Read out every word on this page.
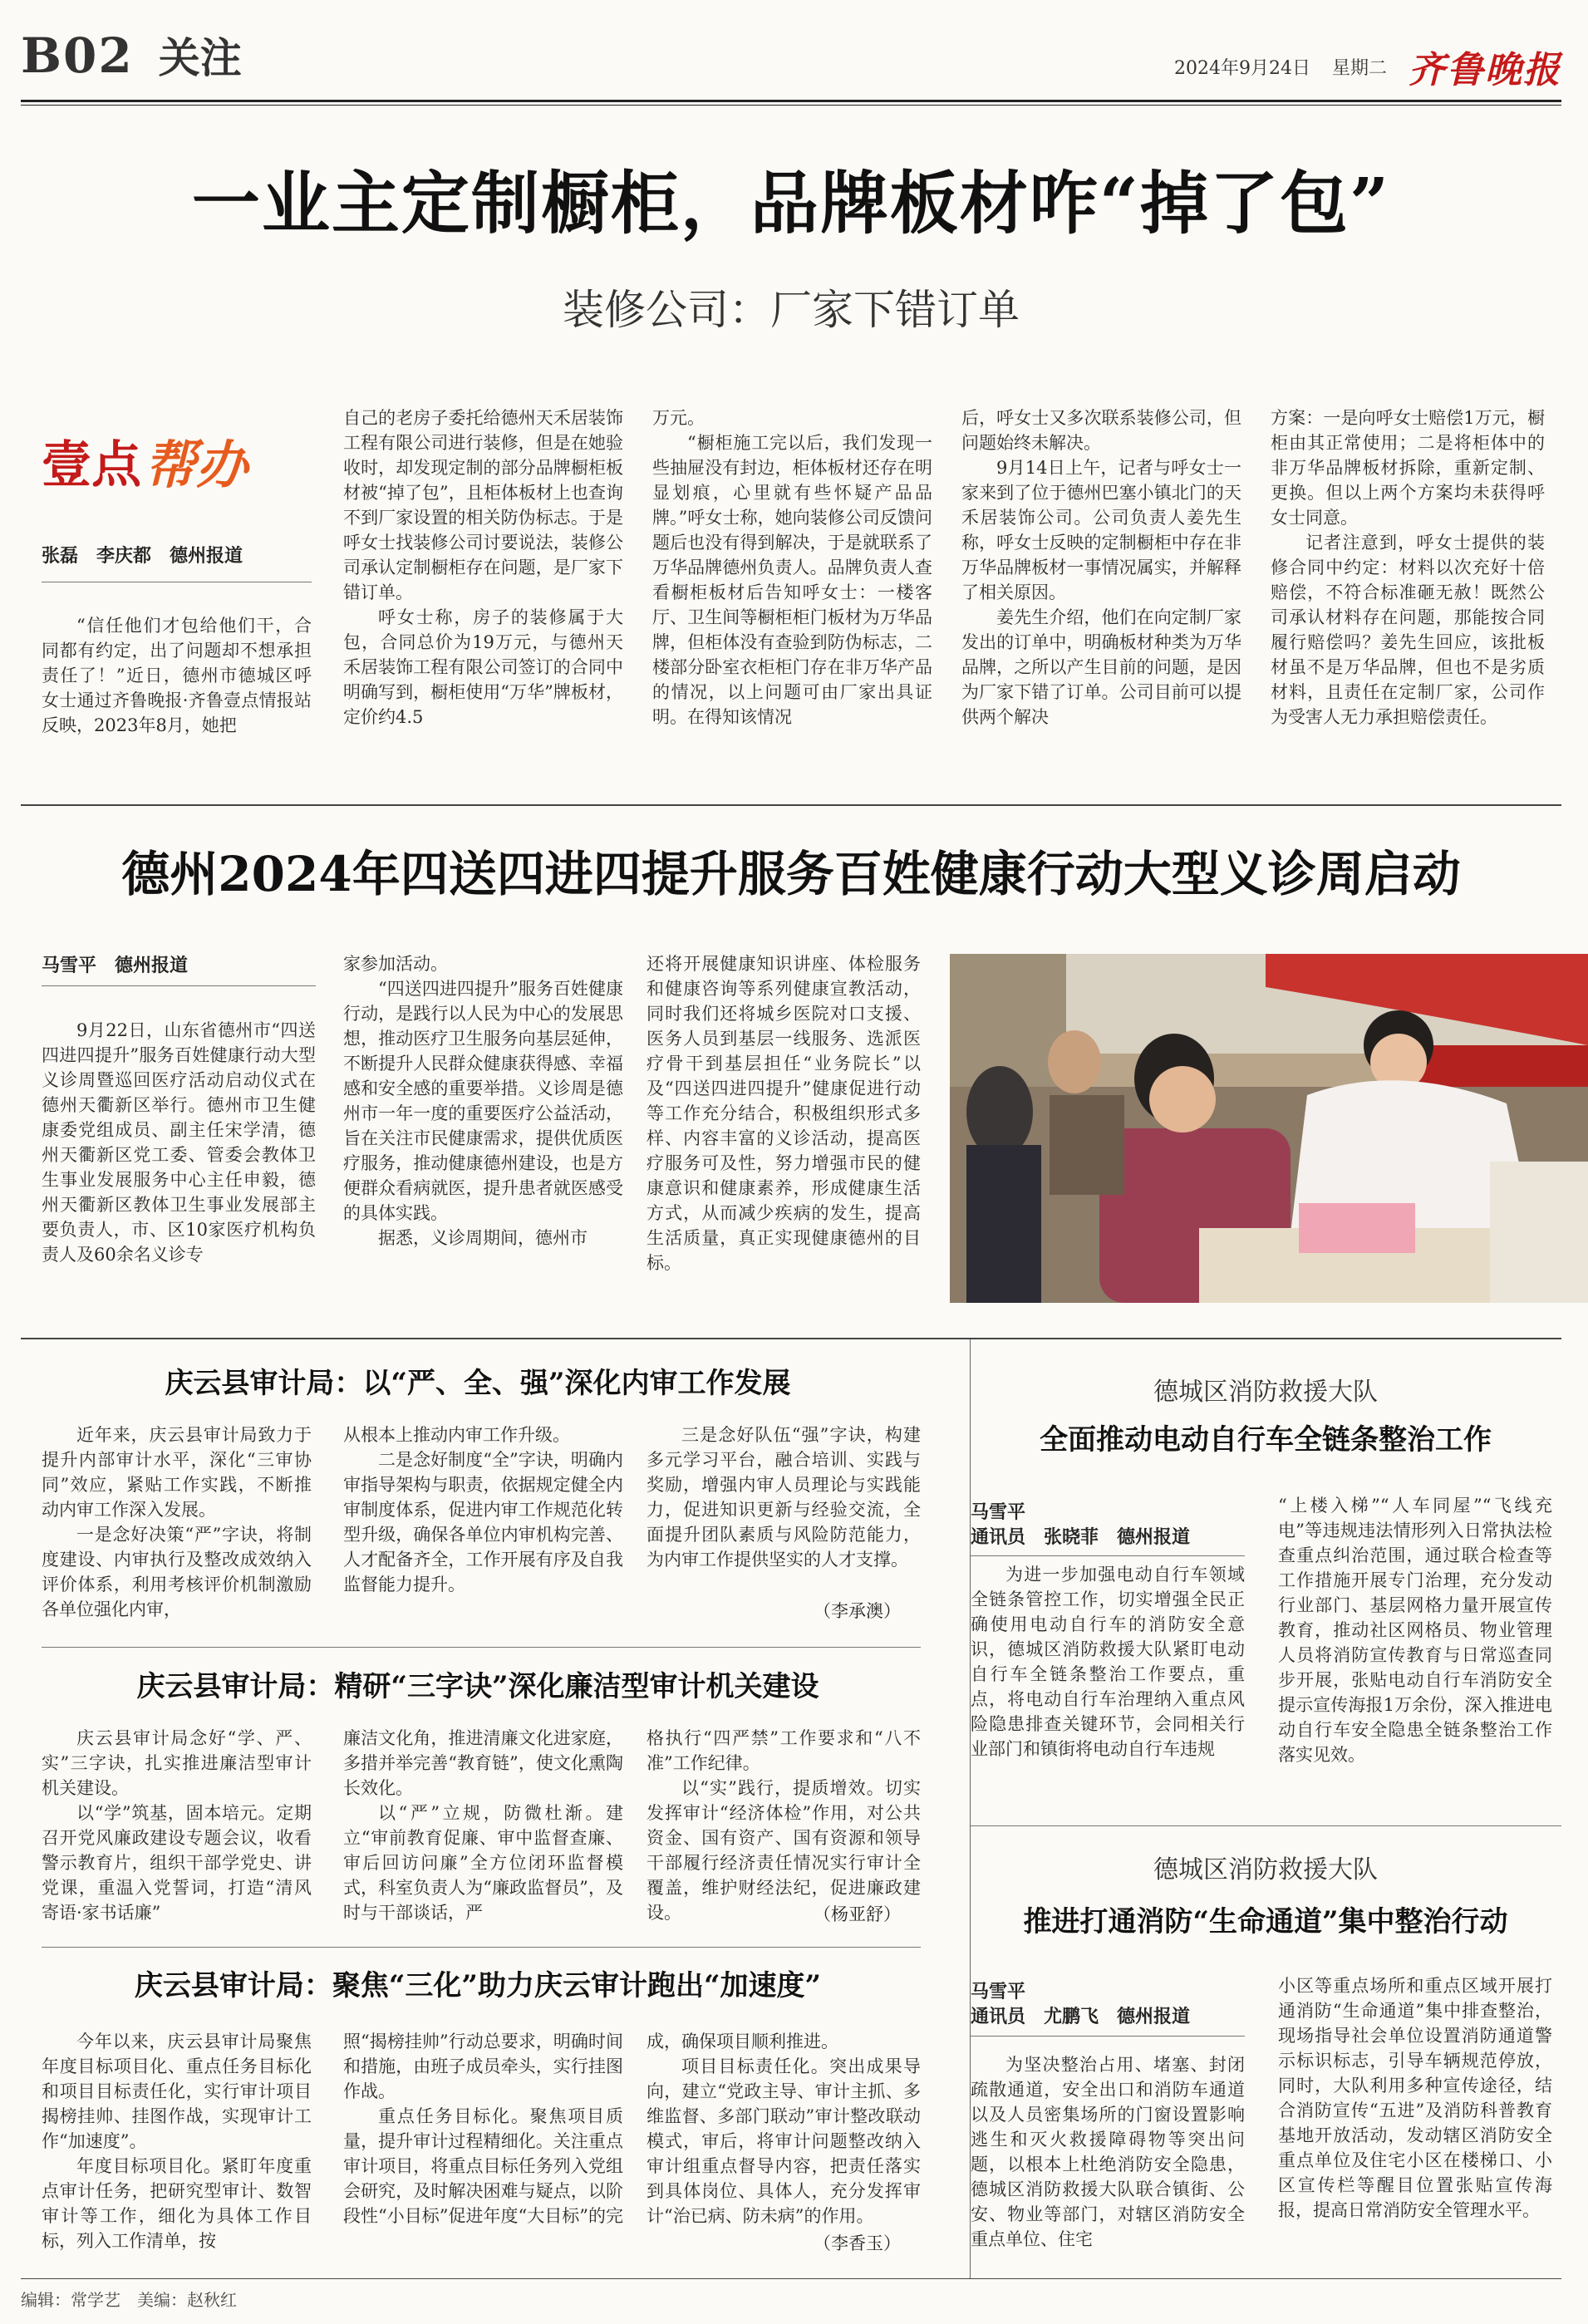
B02 关注	2024年9月24日 星期二 齐鲁晚报
一业主定制橱柜，品牌板材咋“掉了包”
装修公司：厂家下错订单
壹点 帮办
张磊　李庆都　德州报道

“信任他们才包给他们干，合同都有约定，出了问题却不想承担责任了！”近日，德州市德城区呼女士通过齐鲁晚报·齐鲁壹点情报站反映，2023年8月，她把

自己的老房子委托给德州天禾居装饰工程有限公司进行装修，但是在她验收时，却发现定制的部分品牌橱柜板材被“掉了包”，且柜体板材上也查询不到厂家设置的相关防伪标志。于是呼女士找装修公司讨要说法，装修公司承认定制橱柜存在问题，是厂家下错订单。

呼女士称，房子的装修属于大包，合同总价为19万元，与德州天禾居装饰工程有限公司签订的合同中明确写到，橱柜使用“万华”牌板材，定价约4.5

万元。

“橱柜施工完以后，我们发现一些抽屉没有封边，柜体板材还存在明显划痕，心里就有些怀疑产品品牌。”呼女士称，她向装修公司反馈问题后也没有得到解决，于是就联系了万华品牌德州负责人。品牌负责人查看橱柜板材后告知呼女士：一楼客厅、卫生间等橱柜柜门板材为万华品牌，但柜体没有查验到防伪标志，二楼部分卧室衣柜柜门存在非万华产品的情况，以上问题可由厂家出具证明。在得知该情况

后，呼女士又多次联系装修公司，但问题始终未解决。

9月14日上午，记者与呼女士一家来到了位于德州巴塞小镇北门的天禾居装饰公司。公司负责人姜先生称，呼女士反映的定制橱柜中存在非万华品牌板材一事情况属实，并解释了相关原因。

姜先生介绍，他们在向定制厂家发出的订单中，明确板材种类为万华品牌，之所以产生目前的问题，是因为厂家下错了订单。公司目前可以提供两个解决

方案：一是向呼女士赔偿1万元，橱柜由其正常使用；二是将柜体中的非万华品牌板材拆除，重新定制、更换。但以上两个方案均未获得呼女士同意。

记者注意到，呼女士提供的装修合同中约定：材料以次充好十倍赔偿，不符合标准砸无赦！既然公司承认材料存在问题，那能按合同履行赔偿吗？姜先生回应，该批板材虽不是万华品牌，但也不是劣质材料，且责任在定制厂家，公司作为受害人无力承担赔偿责任。

德州2024年四送四进四提升服务百姓健康行动大型义诊周启动
马雪平　德州报道

9月22日，山东省德州市“四送四进四提升”服务百姓健康行动大型义诊周暨巡回医疗活动启动仪式在德州天衢新区举行。德州市卫生健康委党组成员、副主任宋学清，德州天衢新区党工委、管委会教体卫生事业发展服务中心主任申毅，德州天衢新区教体卫生事业发展部主要负责人，市、区10家医疗机构负责人及60余名义诊专

家参加活动。

“四送四进四提升”服务百姓健康行动，是践行以人民为中心的发展思想，推动医疗卫生服务向基层延伸，不断提升人民群众健康获得感、幸福感和安全感的重要举措。义诊周是德州市一年一度的重要医疗公益活动，旨在关注市民健康需求，提供优质医疗服务，推动健康德州建设，也是方便群众看病就医，提升患者就医感受的具体实践。

据悉，义诊周期间，德州市

还将开展健康知识讲座、体检服务和健康咨询等系列健康宣教活动，同时我们还将城乡医院对口支援、医务人员到基层一线服务、选派医疗骨干到基层担任“业务院长”以及“四送四进四提升”健康促进行动等工作充分结合，积极组织形式多样、内容丰富的义诊活动，提高医疗服务可及性，努力增强市民的健康意识和健康素养，形成健康生活方式，从而减少疾病的发生，提高生活质量，真正实现健康德州的目标。

庆云县审计局：以“严、全、强”深化内审工作发展

近年来，庆云县审计局致力于提升内部审计水平，深化“三审协同”效应，紧贴工作实践，不断推动内审工作深入发展。

一是念好决策“严”字诀，将制度建设、内审执行及整改成效纳入评价体系，利用考核评价机制激励各单位强化内审，

从根本上推动内审工作升级。

二是念好制度“全”字诀，明确内审指导架构与职责，依据规定健全内审制度体系，促进内审工作规范化转型升级，确保各单位内审机构完善、人才配备齐全，工作开展有序及自我监督能力提升。

三是念好队伍“强”字诀，构建多元学习平台，融合培训、实践与奖励，增强内审人员理论与实践能力，促进知识更新与经验交流，全面提升团队素质与风险防范能力，为内审工作提供坚实的人才支撑。

（李承澳）
庆云县审计局：精研“三字诀”深化廉洁型审计机关建设

庆云县审计局念好“学、严、实”三字诀，扎实推进廉洁型审计机关建设。

以“学”筑基，固本培元。定期召开党风廉政建设专题会议，收看警示教育片，组织干部学党史、讲党课，重温入党誓词，打造“清风寄语·家书话廉”

廉洁文化角，推进清廉文化进家庭，多措并举完善“教育链”，使文化熏陶长效化。

以“严”立规，防微杜渐。建立“审前教育促廉、审中监督查廉、审后回访问廉”全方位闭环监督模式，科室负责人为“廉政监督员”，及时与干部谈话，严

格执行“四严禁”工作要求和“八不准”工作纪律。

以“实”践行，提质增效。切实发挥审计“经济体检”作用，对公共资金、国有资产、国有资源和领导干部履行经济责任情况实行审计全覆盖，维护财经法纪，促进廉政建设。	（杨亚舒）
庆云县审计局：聚焦“三化”助力庆云审计跑出“加速度”

今年以来，庆云县审计局聚焦年度目标项目化、重点任务目标化和项目目标责任化，实行审计项目揭榜挂帅、挂图作战，实现审计工作“加速度”。

年度目标项目化。紧盯年度重点审计任务，把研究型审计、数智审计等工作，细化为具体工作目标，列入工作清单，按

照“揭榜挂帅”行动总要求，明确时间和措施，由班子成员牵头，实行挂图作战。

重点任务目标化。聚焦项目质量，提升审计过程精细化。关注重点审计项目，将重点目标任务列入党组会研究，及时解决困难与疑点，以阶段性“小目标”促进年度“大目标”的完

成，确保项目顺利推进。

项目目标责任化。突出成果导向，建立“党政主导、审计主抓、多维监督、多部门联动”审计整改联动模式，审后，将审计问题整改纳入审计组重点督导内容，把责任落实到具体岗位、具体人，充分发挥审计“治已病、防未病”的作用。

（李香玉）
德城区消防救援大队
全面推动电动自行车全链条整治工作
马雪平
通讯员　张晓菲　德州报道

为进一步加强电动自行车领域全链条管控工作，切实增强全民正确使用电动自行车的消防安全意识，德城区消防救援大队紧盯电动自行车全链条整治工作要点，重点，将电动自行车治理纳入重点风险隐患排查关键环节，会同相关行业部门和镇街将电动自行车违规

“上楼入梯”“人车同屋”“飞线充电”等违规违法情形列入日常执法检查重点纠治范围，通过联合检查等工作措施开展专门治理，充分发动行业部门、基层网格力量开展宣传教育，推动社区网格员、物业管理人员将消防宣传教育与日常巡查同步开展，张贴电动自行车消防安全提示宣传海报1万余份，深入推进电动自行车安全隐患全链条整治工作落实见效。

德城区消防救援大队
推进打通消防“生命通道”集中整治行动
马雪平
通讯员　尤鹏飞　德州报道

为坚决整治占用、堵塞、封闭疏散通道，安全出口和消防车通道以及人员密集场所的门窗设置影响逃生和灭火救援障碍物等突出问题，以根本上杜绝消防安全隐患，德城区消防救援大队联合镇街、公安、物业等部门，对辖区消防安全重点单位、住宅

小区等重点场所和重点区域开展打通消防“生命通道”集中排查整治，现场指导社会单位设置消防通道警示标识标志，引导车辆规范停放，同时，大队利用多种宣传途径，结合消防宣传“五进”及消防科普教育基地开放活动，发动辖区消防安全重点单位及住宅小区在楼梯口、小区宣传栏等醒目位置张贴宣传海报，提高日常消防安全管理水平。

编辑：常学艺　美编：赵秋红
